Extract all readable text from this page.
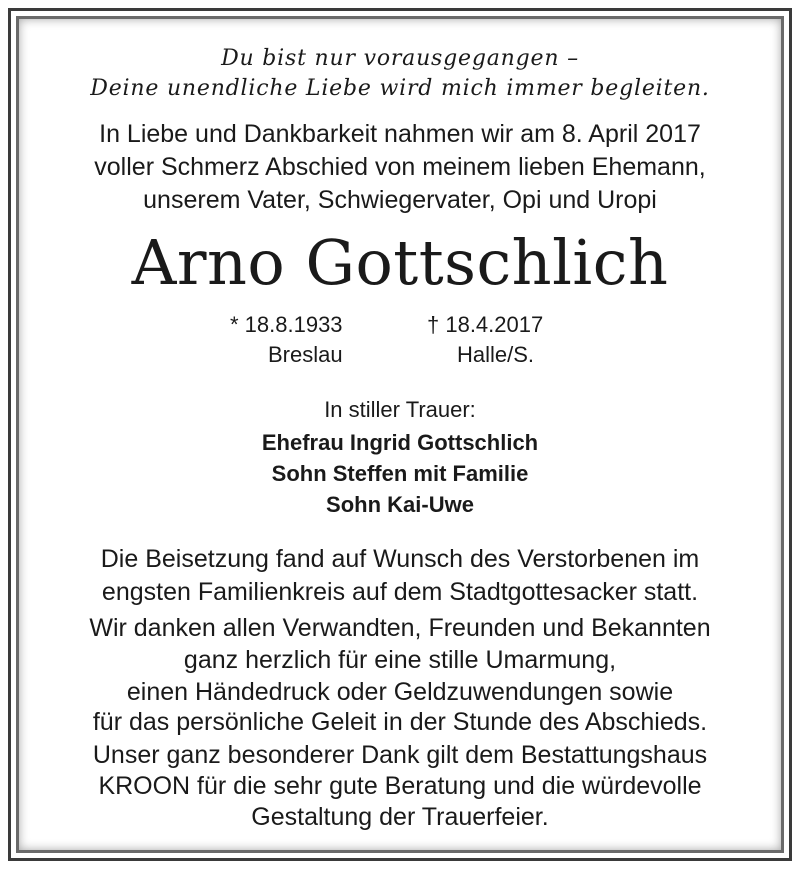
Du bist nur vorausgegangen –
Deine unendliche Liebe wird mich immer begleiten.
In Liebe und Dankbarkeit nahmen wir am 8. April 2017
voller Schmerz Abschied von meinem lieben Ehemann,
unserem Vater, Schwiegervater, Opi und Uropi
Arno Gottschlich
* 18.8.1933
Breslau
† 18.4.2017
Halle/S.
In stiller Trauer:
Ehefrau Ingrid Gottschlich
Sohn Steffen mit Familie
Sohn Kai-Uwe
Die Beisetzung fand auf Wunsch des Verstorbenen im
engsten Familienkreis auf dem Stadtgottesacker statt.
Wir danken allen Verwandten, Freunden und Bekannten
ganz herzlich für eine stille Umarmung,
einen Händedruck oder Geldzuwendungen sowie
für das persönliche Geleit in der Stunde des Abschieds.
Unser ganz besonderer Dank gilt dem Bestattungshaus
KROON für die sehr gute Beratung und die würdevolle
Gestaltung der Trauerfeier.
